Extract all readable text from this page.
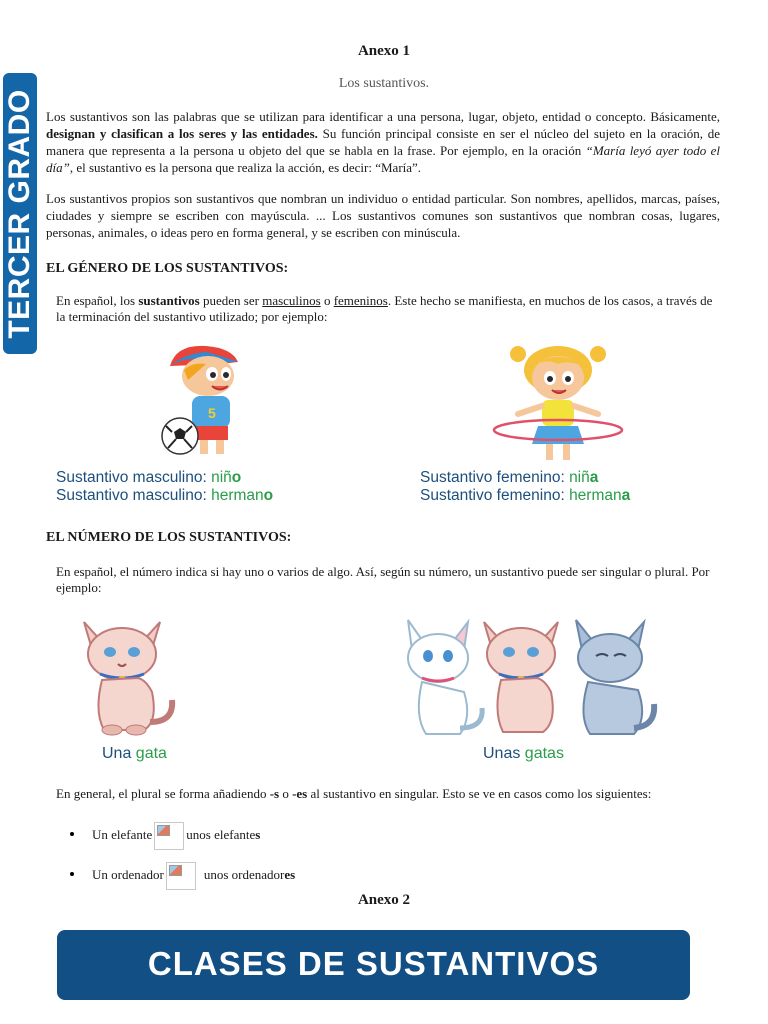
TERCER GRADO
Anexo 1
Los sustantivos.
Los sustantivos son las palabras que se utilizan para identificar a una persona, lugar, objeto, entidad o concepto. Básicamente, designan y clasifican a los seres y las entidades. Su función principal consiste en ser el núcleo del sujeto en la oración, de manera que representa a la persona u objeto del que se habla en la frase. Por ejemplo, en la oración “María leyó ayer todo el día”, el sustantivo es la persona que realiza la acción, es decir: “María”.
Los sustantivos propios son sustantivos que nombran un individuo o entidad particular. Son nombres, apellidos, marcas, países, ciudades y siempre se escriben con mayúscula. ... Los sustantivos comunes son sustantivos que nombran cosas, lugares, personas, animales, o ideas pero en forma general, y se escriben con minúscula.
EL GÉNERO DE LOS SUSTANTIVOS:
En español, los sustantivos pueden ser masculinos o femeninos. Este hecho se manifiesta, en muchos de los casos, a través de la terminación del sustantivo utilizado; por ejemplo:
5
Sustantivo masculino: niño
Sustantivo masculino: hermano
Sustantivo femenino: niña
Sustantivo femenino: hermana
EL NÚMERO DE LOS SUSTANTIVOS:
En español, el número indica si hay uno o varios de algo. Así, según su número, un sustantivo puede ser singular o plural. Por ejemplo:
Una gata	Unas gatas
En general, el plural se forma añadiendo -s o -es al sustantivo en singular. Esto se ve en casos como los siguientes:
Un elefante	unos elefantes
Un ordenador	unos ordenadores
Anexo 2
CLASES DE SUSTANTIVOS
